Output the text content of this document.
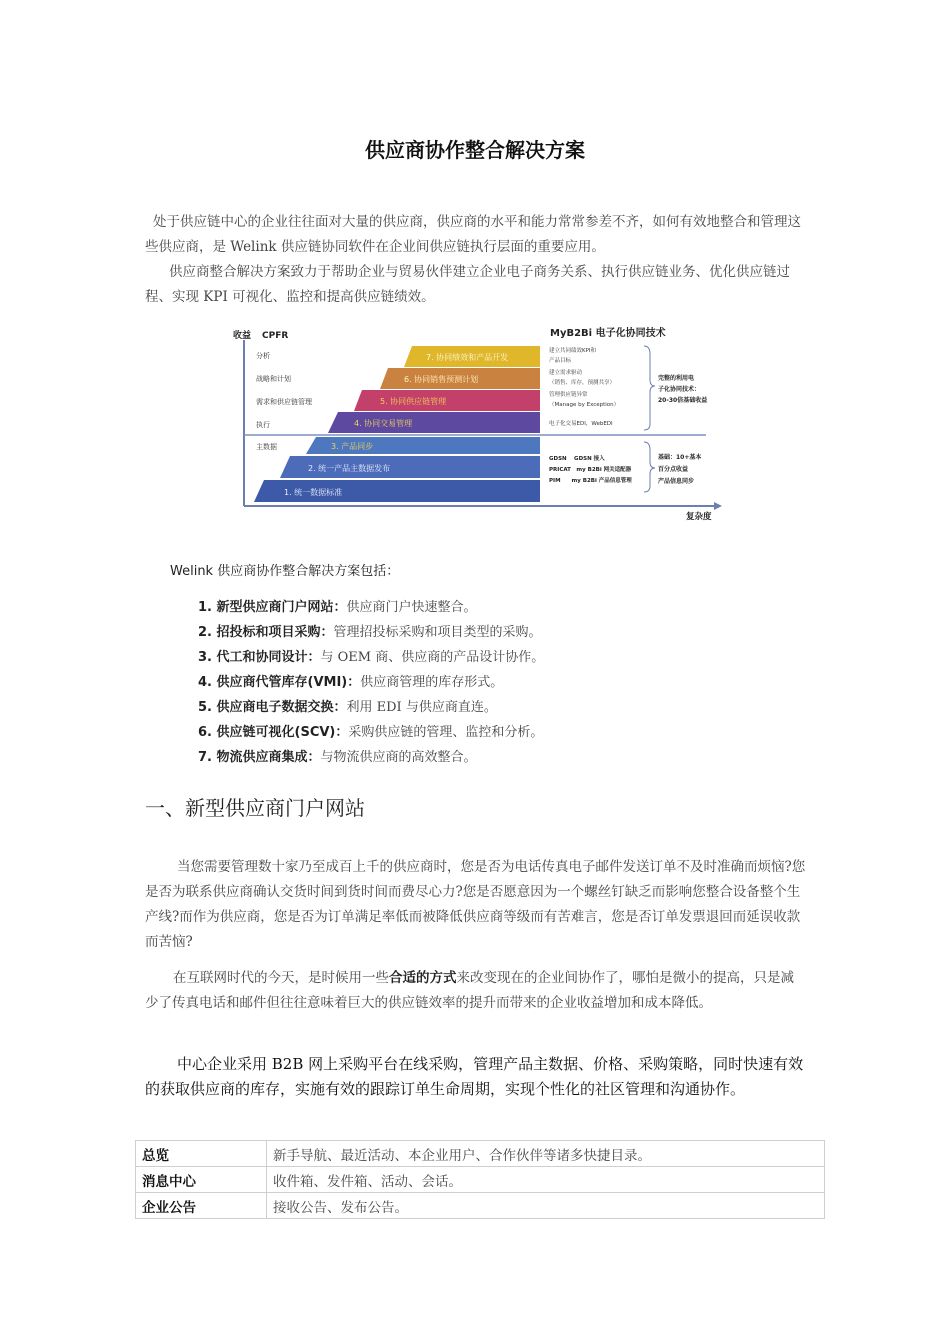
供应商协作整合解决方案
处于供应链中心的企业往往面对大量的供应商，供应商的水平和能力常常参差不齐，如何有效地整合和管理这些供应商，是 Welink 供应链协同软件在企业间供应链执行层面的重要应用。
供应商整合解决方案致力于帮助企业与贸易伙伴建立企业电子商务关系、执行供应链业务、优化供应链过程、实现 KPI 可视化、监控和提高供应链绩效。
收益 CPFR	MyB2Bi 电子化协同技术
复杂度
分析
战略和计划
需求和供应链管理
执行
主数据
1. 统一数据标准
2. 统一产品主数据发布
3. 产品同步
4. 协同交易管理
5. 协同供应链管理
6. 协同销售预测计划
7. 协同绩效和产品开发
建立共同绩效KPI和
产品目标
建立需求驱动
（销售、库存，预测共享）
管理供应链异常
（Manage by Exception）
电子化交易EDI，WebEDI
完整的利用电
子化协同技术：
20-30倍基础收益
GDSN　 GDSN 接入
PRICAT　my B2Bi 网关适配器
PIM　　my B2Bi 产品信息管理
基础：10+基本
百分点收益
产品信息同步
Welink 供应商协作整合解决方案包括：
1. 新型供应商门户网站：供应商门户快速整合。
2. 招投标和项目采购：管理招投标采购和项目类型的采购。
3. 代工和协同设计：与 OEM 商、供应商的产品设计协作。
4. 供应商代管库存(VMI)：供应商管理的库存形式。
5. 供应商电子数据交换：利用 EDI 与供应商直连。
6. 供应链可视化(SCV)：采购供应链的管理、监控和分析。
7. 物流供应商集成：与物流供应商的高效整合。
一、新型供应商门户网站
当您需要管理数十家乃至成百上千的供应商时，您是否为电话传真电子邮件发送订单不及时准确而烦恼?您是否为联系供应商确认交货时间到货时间而费尽心力?您是否愿意因为一个螺丝钉缺乏而影响您整合设备整个生产线?而作为供应商，您是否为订单满足率低而被降低供应商等级而有苦难言，您是否订单发票退回而延误收款而苦恼?
在互联网时代的今天，是时候用一些合适的方式来改变现在的企业间协作了，哪怕是微小的提高，只是减少了传真电话和邮件但往往意味着巨大的供应链效率的提升而带来的企业收益增加和成本降低。
中心企业采用 B2B 网上采购平台在线采购，管理产品主数据、价格、采购策略，同时快速有效的获取供应商的库存，实施有效的跟踪订单生命周期，实现个性化的社区管理和沟通协作。
总览	新手导航、最近活动、本企业用户、合作伙伴等诸多快捷目录。
消息中心	收件箱、发件箱、活动、会话。
企业公告	接收公告、发布公告。
